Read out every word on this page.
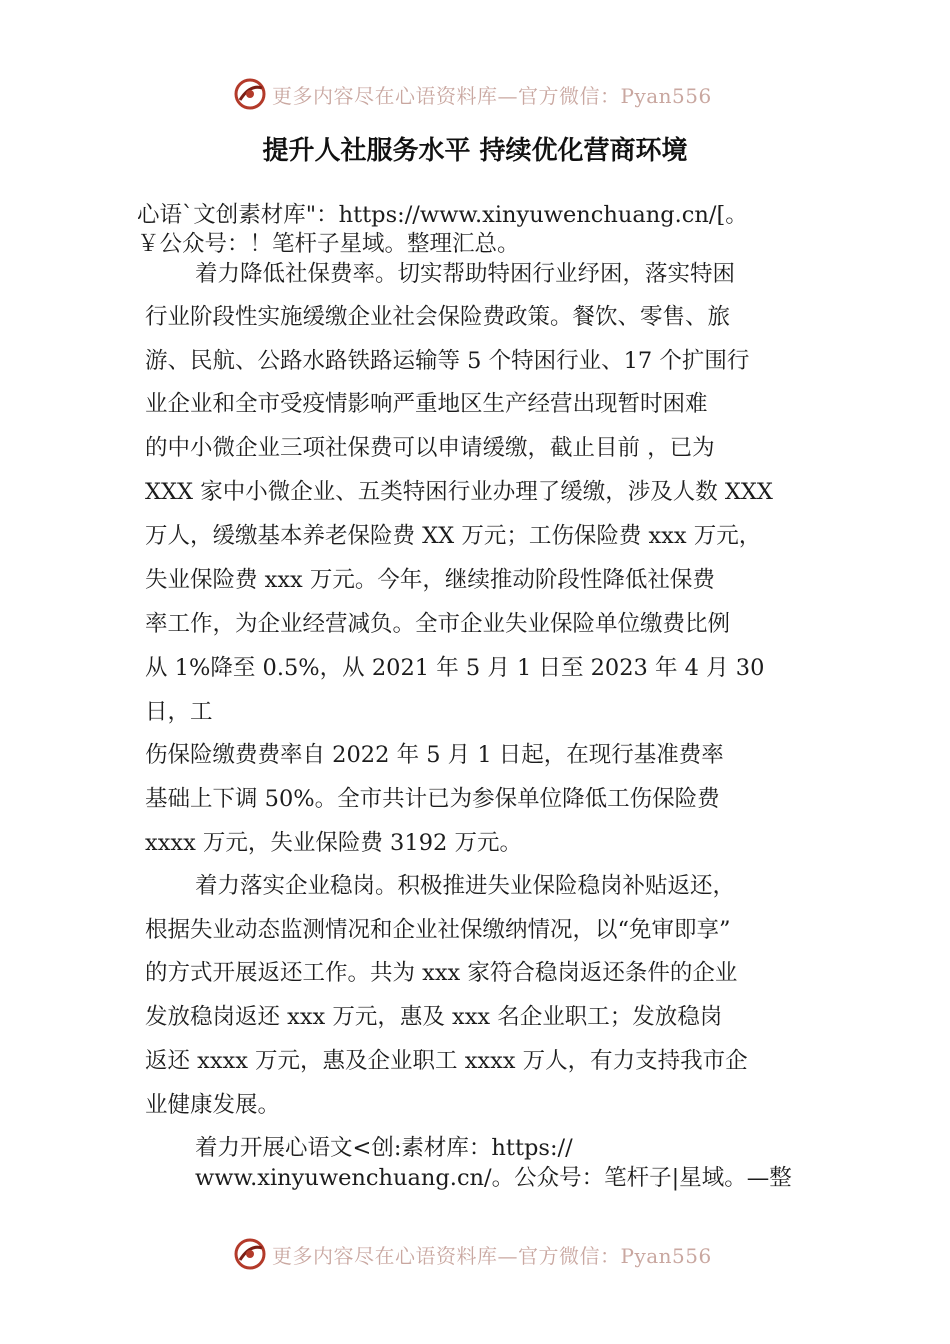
更多内容尽在心语资料库—官方微信：Pyan556
提升人社服务水平 持续优化营商环境
心语`文创素材库"：https://www.xinyuwenchuang.cn/[。
￥公众号：！笔杆子星域。整理汇总。
着力降低社保费率。切实帮助特困行业纾困，落实特困
行业阶段性实施缓缴企业社会保险费政策。餐饮、零售、旅
游、民航、公路水路铁路运输等 5 个特困行业、17 个扩围行
业企业和全市受疫情影响严重地区生产经营出现暂时困难
的中小微企业三项社保费可以申请缓缴，截止目前 ，已为
XXX 家中小微企业、五类特困行业办理了缓缴，涉及人数 XXX
万人，缓缴基本养老保险费 XX 万元；工伤保险费 xxx 万元，
失业保险费 xxx 万元。今年，继续推动阶段性降低社保费
率工作，为企业经营减负。全市企业失业保险单位缴费比例
从 1%降至 0.5%，从 2021 年 5 月 1 日至 2023 年 4 月 30
日，工
伤保险缴费费率自 2022 年 5 月 1 日起，在现行基准费率
基础上下调 50%。全市共计已为参保单位降低工伤保险费
xxxx 万元，失业保险费 3192 万元。
着力落实企业稳岗。积极推进失业保险稳岗补贴返还，
根据失业动态监测情况和企业社保缴纳情况，以“免审即享”
的方式开展返还工作。共为 xxx 家符合稳岗返还条件的企业
发放稳岗返还 xxx 万元，惠及 xxx 名企业职工；发放稳岗
返还 xxxx 万元，惠及企业职工 xxxx 万人，有力支持我市企
业健康发展。
着力开展心语文<创:素材库：https://
www.xinyuwenchuang.cn/。公众号：笔杆子|星域。—整
更多内容尽在心语资料库—官方微信：Pyan556
